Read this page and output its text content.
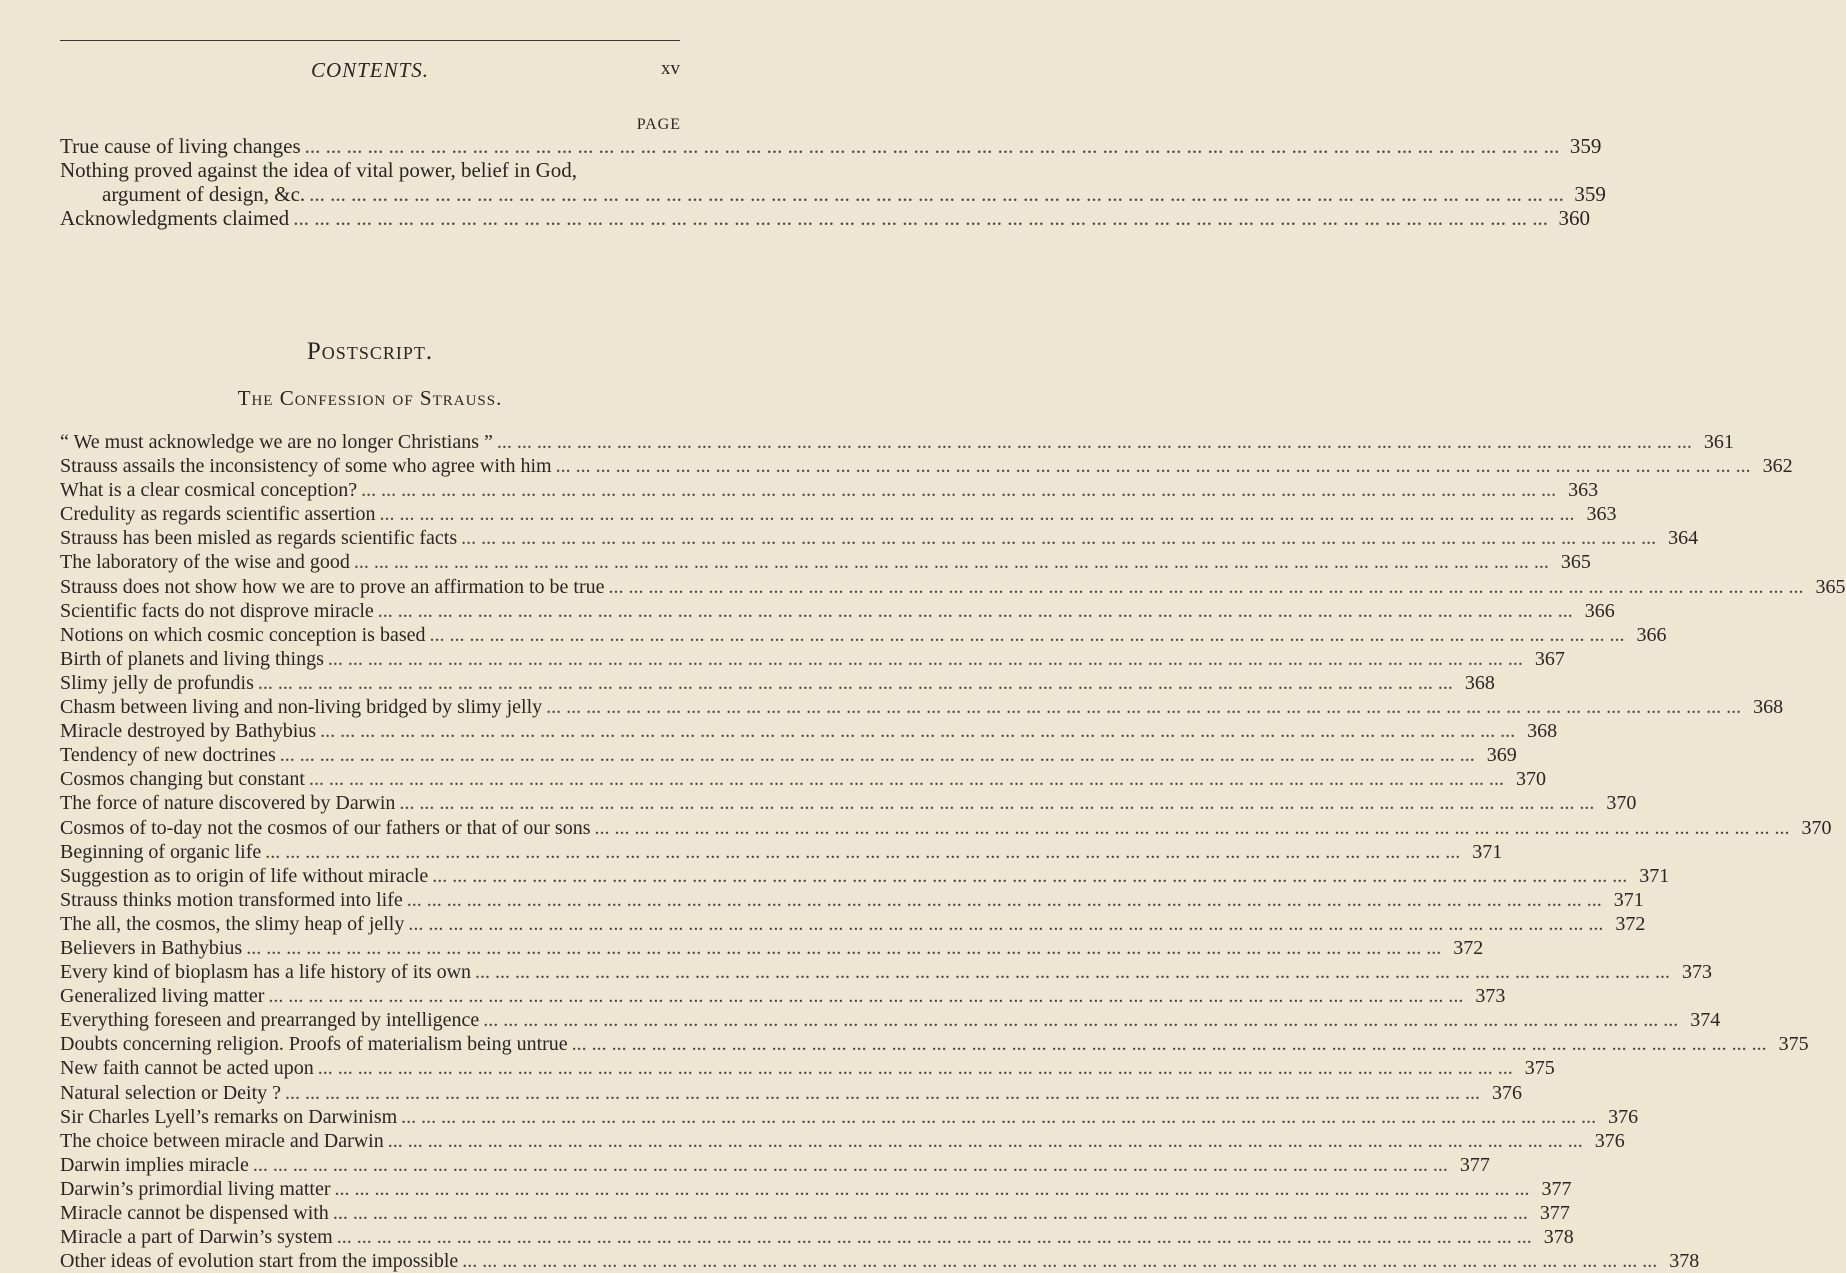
CONTENTS.	xv
PAGE
True cause of living changes ... ... ... ... ... ... ... ... ... ... ... ... ... ... ... ... ... ... ... ... ... ... ... ... ... ... ... ... ... ... ... ... ... ... ... ... ... ... ... ... ... ... ... ... ... ... ... ... ... ... ... ... ... ... ... ... ... ... ... ... 359
Nothing proved against the idea of vital power, belief in God,
argument of design, &c. ... ... ... ... ... ... ... ... ... ... ... ... ... ... ... ... ... ... ... ... ... ... ... ... ... ... ... ... ... ... ... ... ... ... ... ... ... ... ... ... ... ... ... ... ... ... ... ... ... ... ... ... ... ... ... ... ... ... ... ... 359
Acknowledgments claimed ... ... ... ... ... ... ... ... ... ... ... ... ... ... ... ... ... ... ... ... ... ... ... ... ... ... ... ... ... ... ... ... ... ... ... ... ... ... ... ... ... ... ... ... ... ... ... ... ... ... ... ... ... ... ... ... ... ... ... ... 360
Postscript.
The Confession of Strauss.
“ We must acknowledge we are no longer Christians ” ... ... ... ... ... ... ... ... ... ... ... ... ... ... ... ... ... ... ... ... ... ... ... ... ... ... ... ... ... ... ... ... ... ... ... ... ... ... ... ... ... ... ... ... ... ... ... ... ... ... ... ... ... ... ... ... ... ... ... ... 361
Strauss assails the inconsistency of some who agree with him ... ... ... ... ... ... ... ... ... ... ... ... ... ... ... ... ... ... ... ... ... ... ... ... ... ... ... ... ... ... ... ... ... ... ... ... ... ... ... ... ... ... ... ... ... ... ... ... ... ... ... ... ... ... ... ... ... ... ... ... 362
What is a clear cosmical conception? ... ... ... ... ... ... ... ... ... ... ... ... ... ... ... ... ... ... ... ... ... ... ... ... ... ... ... ... ... ... ... ... ... ... ... ... ... ... ... ... ... ... ... ... ... ... ... ... ... ... ... ... ... ... ... ... ... ... ... ... 363
Credulity as regards scientific assertion ... ... ... ... ... ... ... ... ... ... ... ... ... ... ... ... ... ... ... ... ... ... ... ... ... ... ... ... ... ... ... ... ... ... ... ... ... ... ... ... ... ... ... ... ... ... ... ... ... ... ... ... ... ... ... ... ... ... ... ... 363
Strauss has been misled as regards scientific facts ... ... ... ... ... ... ... ... ... ... ... ... ... ... ... ... ... ... ... ... ... ... ... ... ... ... ... ... ... ... ... ... ... ... ... ... ... ... ... ... ... ... ... ... ... ... ... ... ... ... ... ... ... ... ... ... ... ... ... ... 364
The laboratory of the wise and good ... ... ... ... ... ... ... ... ... ... ... ... ... ... ... ... ... ... ... ... ... ... ... ... ... ... ... ... ... ... ... ... ... ... ... ... ... ... ... ... ... ... ... ... ... ... ... ... ... ... ... ... ... ... ... ... ... ... ... ... 365
Strauss does not show how we are to prove an affirmation to be true ... ... ... ... ... ... ... ... ... ... ... ... ... ... ... ... ... ... ... ... ... ... ... ... ... ... ... ... ... ... ... ... ... ... ... ... ... ... ... ... ... ... ... ... ... ... ... ... ... ... ... ... ... ... ... ... ... ... ... ... 365
Scientific facts do not disprove miracle ... ... ... ... ... ... ... ... ... ... ... ... ... ... ... ... ... ... ... ... ... ... ... ... ... ... ... ... ... ... ... ... ... ... ... ... ... ... ... ... ... ... ... ... ... ... ... ... ... ... ... ... ... ... ... ... ... ... ... ... 366
Notions on which cosmic conception is based ... ... ... ... ... ... ... ... ... ... ... ... ... ... ... ... ... ... ... ... ... ... ... ... ... ... ... ... ... ... ... ... ... ... ... ... ... ... ... ... ... ... ... ... ... ... ... ... ... ... ... ... ... ... ... ... ... ... ... ... 366
Birth of planets and living things ... ... ... ... ... ... ... ... ... ... ... ... ... ... ... ... ... ... ... ... ... ... ... ... ... ... ... ... ... ... ... ... ... ... ... ... ... ... ... ... ... ... ... ... ... ... ... ... ... ... ... ... ... ... ... ... ... ... ... ... 367
Slimy jelly de profundis ... ... ... ... ... ... ... ... ... ... ... ... ... ... ... ... ... ... ... ... ... ... ... ... ... ... ... ... ... ... ... ... ... ... ... ... ... ... ... ... ... ... ... ... ... ... ... ... ... ... ... ... ... ... ... ... ... ... ... ... 368
Chasm between living and non-living bridged by slimy jelly ... ... ... ... ... ... ... ... ... ... ... ... ... ... ... ... ... ... ... ... ... ... ... ... ... ... ... ... ... ... ... ... ... ... ... ... ... ... ... ... ... ... ... ... ... ... ... ... ... ... ... ... ... ... ... ... ... ... ... ... 368
Miracle destroyed by Bathybius ... ... ... ... ... ... ... ... ... ... ... ... ... ... ... ... ... ... ... ... ... ... ... ... ... ... ... ... ... ... ... ... ... ... ... ... ... ... ... ... ... ... ... ... ... ... ... ... ... ... ... ... ... ... ... ... ... ... ... ... 368
Tendency of new doctrines ... ... ... ... ... ... ... ... ... ... ... ... ... ... ... ... ... ... ... ... ... ... ... ... ... ... ... ... ... ... ... ... ... ... ... ... ... ... ... ... ... ... ... ... ... ... ... ... ... ... ... ... ... ... ... ... ... ... ... ... 369
Cosmos changing but constant ... ... ... ... ... ... ... ... ... ... ... ... ... ... ... ... ... ... ... ... ... ... ... ... ... ... ... ... ... ... ... ... ... ... ... ... ... ... ... ... ... ... ... ... ... ... ... ... ... ... ... ... ... ... ... ... ... ... ... ... 370
The force of nature discovered by Darwin ... ... ... ... ... ... ... ... ... ... ... ... ... ... ... ... ... ... ... ... ... ... ... ... ... ... ... ... ... ... ... ... ... ... ... ... ... ... ... ... ... ... ... ... ... ... ... ... ... ... ... ... ... ... ... ... ... ... ... ... 370
Cosmos of to-day not the cosmos of our fathers or that of our sons ... ... ... ... ... ... ... ... ... ... ... ... ... ... ... ... ... ... ... ... ... ... ... ... ... ... ... ... ... ... ... ... ... ... ... ... ... ... ... ... ... ... ... ... ... ... ... ... ... ... ... ... ... ... ... ... ... ... ... ... 370
Beginning of organic life ... ... ... ... ... ... ... ... ... ... ... ... ... ... ... ... ... ... ... ... ... ... ... ... ... ... ... ... ... ... ... ... ... ... ... ... ... ... ... ... ... ... ... ... ... ... ... ... ... ... ... ... ... ... ... ... ... ... ... ... 371
Suggestion as to origin of life without miracle ... ... ... ... ... ... ... ... ... ... ... ... ... ... ... ... ... ... ... ... ... ... ... ... ... ... ... ... ... ... ... ... ... ... ... ... ... ... ... ... ... ... ... ... ... ... ... ... ... ... ... ... ... ... ... ... ... ... ... ... 371
Strauss thinks motion transformed into life ... ... ... ... ... ... ... ... ... ... ... ... ... ... ... ... ... ... ... ... ... ... ... ... ... ... ... ... ... ... ... ... ... ... ... ... ... ... ... ... ... ... ... ... ... ... ... ... ... ... ... ... ... ... ... ... ... ... ... ... 371
The all, the cosmos, the slimy heap of jelly ... ... ... ... ... ... ... ... ... ... ... ... ... ... ... ... ... ... ... ... ... ... ... ... ... ... ... ... ... ... ... ... ... ... ... ... ... ... ... ... ... ... ... ... ... ... ... ... ... ... ... ... ... ... ... ... ... ... ... ... 372
Believers in Bathybius ... ... ... ... ... ... ... ... ... ... ... ... ... ... ... ... ... ... ... ... ... ... ... ... ... ... ... ... ... ... ... ... ... ... ... ... ... ... ... ... ... ... ... ... ... ... ... ... ... ... ... ... ... ... ... ... ... ... ... ... 372
Every kind of bioplasm has a life history of its own ... ... ... ... ... ... ... ... ... ... ... ... ... ... ... ... ... ... ... ... ... ... ... ... ... ... ... ... ... ... ... ... ... ... ... ... ... ... ... ... ... ... ... ... ... ... ... ... ... ... ... ... ... ... ... ... ... ... ... ... 373
Generalized living matter ... ... ... ... ... ... ... ... ... ... ... ... ... ... ... ... ... ... ... ... ... ... ... ... ... ... ... ... ... ... ... ... ... ... ... ... ... ... ... ... ... ... ... ... ... ... ... ... ... ... ... ... ... ... ... ... ... ... ... ... 373
Everything foreseen and prearranged by intelligence ... ... ... ... ... ... ... ... ... ... ... ... ... ... ... ... ... ... ... ... ... ... ... ... ... ... ... ... ... ... ... ... ... ... ... ... ... ... ... ... ... ... ... ... ... ... ... ... ... ... ... ... ... ... ... ... ... ... ... ... 374
Doubts concerning religion. Proofs of materialism being untrue ... ... ... ... ... ... ... ... ... ... ... ... ... ... ... ... ... ... ... ... ... ... ... ... ... ... ... ... ... ... ... ... ... ... ... ... ... ... ... ... ... ... ... ... ... ... ... ... ... ... ... ... ... ... ... ... ... ... ... ... 375
New faith cannot be acted upon ... ... ... ... ... ... ... ... ... ... ... ... ... ... ... ... ... ... ... ... ... ... ... ... ... ... ... ... ... ... ... ... ... ... ... ... ... ... ... ... ... ... ... ... ... ... ... ... ... ... ... ... ... ... ... ... ... ... ... ... 375
Natural selection or Deity ? ... ... ... ... ... ... ... ... ... ... ... ... ... ... ... ... ... ... ... ... ... ... ... ... ... ... ... ... ... ... ... ... ... ... ... ... ... ... ... ... ... ... ... ... ... ... ... ... ... ... ... ... ... ... ... ... ... ... ... ... 376
Sir Charles Lyell’s remarks on Darwinism ... ... ... ... ... ... ... ... ... ... ... ... ... ... ... ... ... ... ... ... ... ... ... ... ... ... ... ... ... ... ... ... ... ... ... ... ... ... ... ... ... ... ... ... ... ... ... ... ... ... ... ... ... ... ... ... ... ... ... ... 376
The choice between miracle and Darwin ... ... ... ... ... ... ... ... ... ... ... ... ... ... ... ... ... ... ... ... ... ... ... ... ... ... ... ... ... ... ... ... ... ... ... ... ... ... ... ... ... ... ... ... ... ... ... ... ... ... ... ... ... ... ... ... ... ... ... ... 376
Darwin implies miracle ... ... ... ... ... ... ... ... ... ... ... ... ... ... ... ... ... ... ... ... ... ... ... ... ... ... ... ... ... ... ... ... ... ... ... ... ... ... ... ... ... ... ... ... ... ... ... ... ... ... ... ... ... ... ... ... ... ... ... ... 377
Darwin’s primordial living matter ... ... ... ... ... ... ... ... ... ... ... ... ... ... ... ... ... ... ... ... ... ... ... ... ... ... ... ... ... ... ... ... ... ... ... ... ... ... ... ... ... ... ... ... ... ... ... ... ... ... ... ... ... ... ... ... ... ... ... ... 377
Miracle cannot be dispensed with ... ... ... ... ... ... ... ... ... ... ... ... ... ... ... ... ... ... ... ... ... ... ... ... ... ... ... ... ... ... ... ... ... ... ... ... ... ... ... ... ... ... ... ... ... ... ... ... ... ... ... ... ... ... ... ... ... ... ... ... 377
Miracle a part of Darwin’s system ... ... ... ... ... ... ... ... ... ... ... ... ... ... ... ... ... ... ... ... ... ... ... ... ... ... ... ... ... ... ... ... ... ... ... ... ... ... ... ... ... ... ... ... ... ... ... ... ... ... ... ... ... ... ... ... ... ... ... ... 378
Other ideas of evolution start from the impossible ... ... ... ... ... ... ... ... ... ... ... ... ... ... ... ... ... ... ... ... ... ... ... ... ... ... ... ... ... ... ... ... ... ... ... ... ... ... ... ... ... ... ... ... ... ... ... ... ... ... ... ... ... ... ... ... ... ... ... ... 378
